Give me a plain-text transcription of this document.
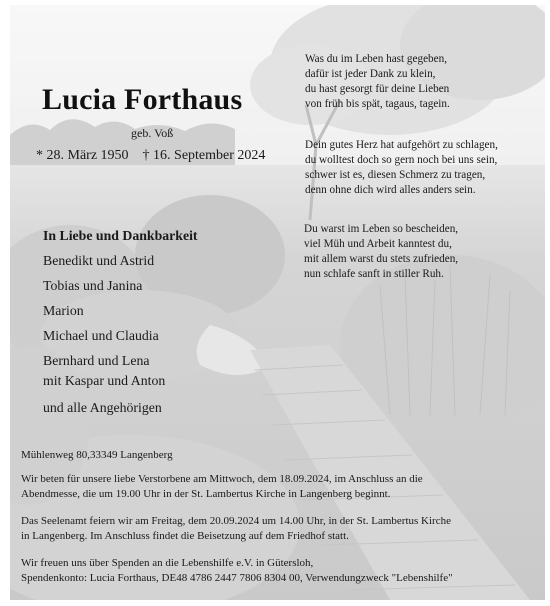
Lucia Forthaus
geb. Voß
* 28. März 1950    † 16. September 2024
Was du im Leben hast gegeben,
dafür ist jeder Dank zu klein,
du hast gesorgt für deine Lieben
von früh bis spät, tagaus, tagein.
Dein gutes Herz hat aufgehört zu schlagen,
du wolltest doch so gern noch bei uns sein,
schwer ist es, diesen Schmerz zu tragen,
denn ohne dich wird alles anders sein.
Du warst im Leben so bescheiden,
viel Müh und Arbeit kanntest du,
mit allem warst du stets zufrieden,
nun schlafe sanft in stiller Ruh.
In Liebe und Dankbarkeit
Benedikt und Astrid
Tobias und Janina
Marion
Michael und Claudia
Bernhard und Lena
mit Kaspar und Anton
und alle Angehörigen
Mühlenweg 80,33349 Langenberg
Wir beten für unsere liebe Verstorbene am Mittwoch, dem 18.09.2024, im Anschluss an die
Abendmesse, die um 19.00 Uhr in der St. Lambertus Kirche in Langenberg beginnt.
Das Seelenamt feiern wir am Freitag, dem 20.09.2024 um 14.00 Uhr, in der St. Lambertus Kirche
in Langenberg. Im Anschluss findet die Beisetzung auf dem Friedhof statt.
Wir freuen uns über Spenden an die Lebenshilfe e.V. in Gütersloh,
Spendenkonto: Lucia Forthaus, DE48 4786 2447 7806 8304 00, Verwendungzweck "Lebenshilfe"
